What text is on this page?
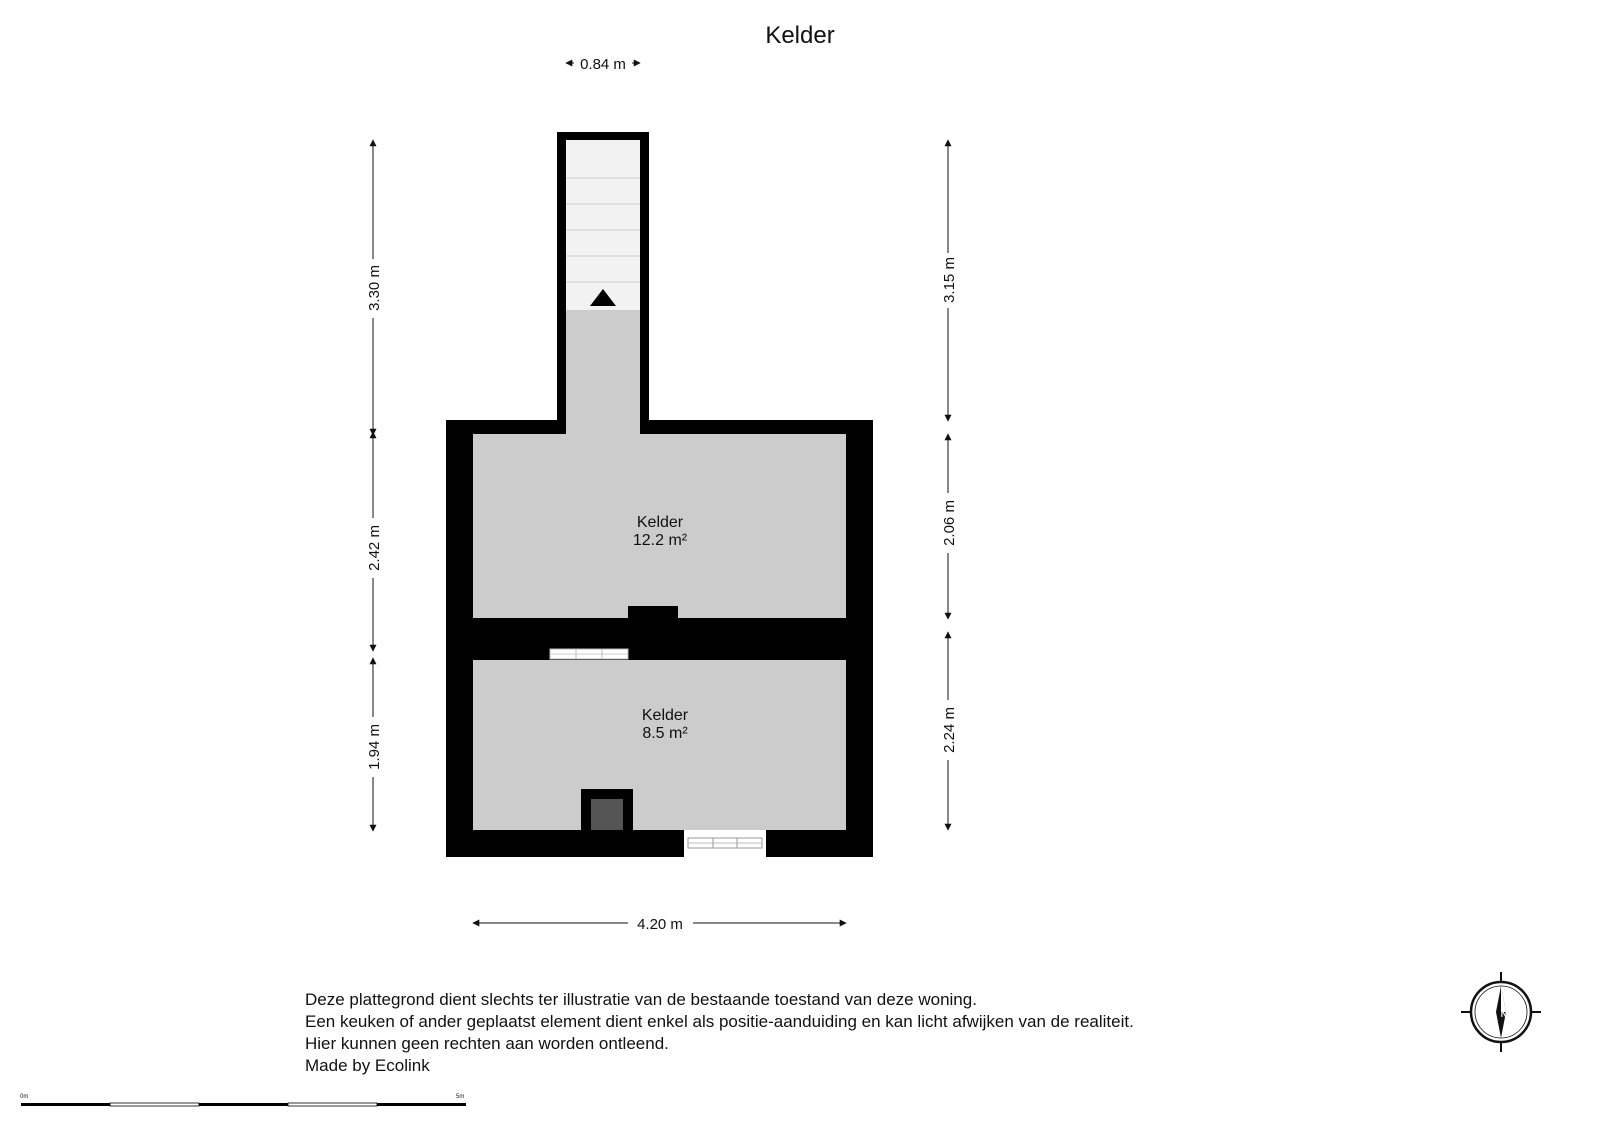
Kelder
Kelder
12.2 m²
Kelder
8.5 m²
0.84 m
3.30 m
2.42 m
1.94 m
3.15 m
2.06 m
2.24 m
4.20 m
0m	5m
N
Deze plattegrond dient slechts ter illustratie van de bestaande toestand van deze woning.
Een keuken of ander geplaatst element dient enkel als positie-aanduiding en kan licht afwijken van de realiteit.
Hier kunnen geen rechten aan worden ontleend.
Made by Ecolink
